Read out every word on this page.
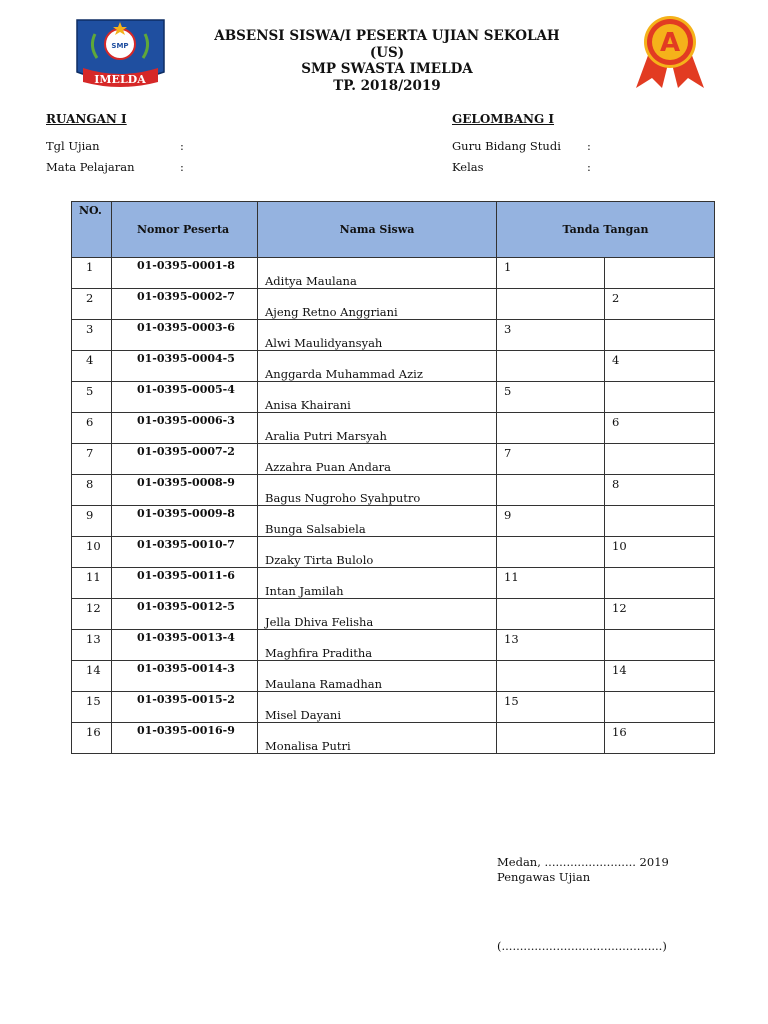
SMP
IMELDA
A
ABSENSI SISWA/I PESERTA UJIAN SEKOLAH
(US)
SMP SWASTA IMELDA
TP. 2018/2019
RUANGAN I	GELOMBANG I
Tgl Ujian	:
Mata Pelajaran	:
Guru Bidang Studi :
Kelas	:
NO.	Nomor Peserta	Nama Siswa	Tanda Tangan	
1	01-0395-0001-8	Aditya Maulana	1	
2	01-0395-0002-7	Ajeng Retno Anggriani		2
3	01-0395-0003-6	Alwi Maulidyansyah	3	
4	01-0395-0004-5	Anggarda Muhammad Aziz		4
5	01-0395-0005-4	Anisa Khairani	5	
6	01-0395-0006-3	Aralia Putri Marsyah		6
7	01-0395-0007-2	Azzahra Puan Andara	7	
8	01-0395-0008-9	Bagus Nugroho Syahputro		8
9	01-0395-0009-8	Bunga Salsabiela	9	
10	01-0395-0010-7	Dzaky Tirta Bulolo		10
11	01-0395-0011-6	Intan Jamilah	11	
12	01-0395-0012-5	Jella Dhiva Felisha		12
13	01-0395-0013-4	Maghfira Praditha	13	
14	01-0395-0014-3	Maulana Ramadhan		14
15	01-0395-0015-2	Misel Dayani	15	
16	01-0395-0016-9	Monalisa Putri		16
Medan, ......................... 2019
Pengawas Ujian
(............................................)
